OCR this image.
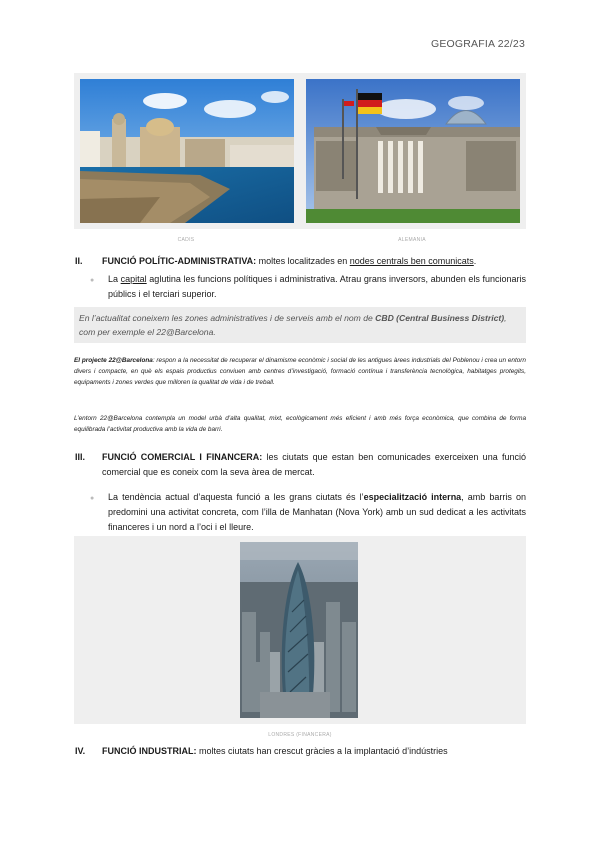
GEOGRAFIA 22/23
CADIS	ALEMANIA
II. FUNCIÓ POLÍTIC-ADMINISTRATIVA: moltes localitzades en nodes centrals ben comunicats.
● La capital aglutina les funcions polítiques i administrativa. Atrau grans inversors, abunden els funcionaris públics i el terciari superior.
En l’actualitat coneixem les zones administratives i de serveis amb el nom de CBD (Central Business District), com per exemple el 22@Barcelona.
El projecte 22@Barcelona: respon a la necessitat de recuperar el dinamisme econòmic i social de les antigues àrees industrials del Poblenou i crea un entorn divers i compacte, en què els espais productius conviuen amb centres d’investigació, formació contínua i transferència tecnològica, habitatges protegits, equipaments i zones verdes que milloren la qualitat de vida i de treball.
L’entorn 22@Barcelona contempla un model urbà d’alta qualitat, mixt, ecològicament més eficient i amb més força econòmica, que combina de forma equilibrada l’activitat productiva amb la vida de barri.
III. FUNCIÓ COMERCIAL I FINANCERA: les ciutats que estan ben comunicades exerceixen una funció comercial que es coneix com la seva àrea de mercat.
● La tendència actual d’aquesta funció a les grans ciutats és l’especialització interna, amb barris on predomini una activitat concreta, com l’illa de Manhatan (Nova York) amb un sud dedicat a les activitats financeres i un nord a l’oci i el lleure.
LONDRES (FINANCERA)
IV. FUNCIÓ INDUSTRIAL: moltes ciutats han crescut gràcies a la implantació d’indústries
